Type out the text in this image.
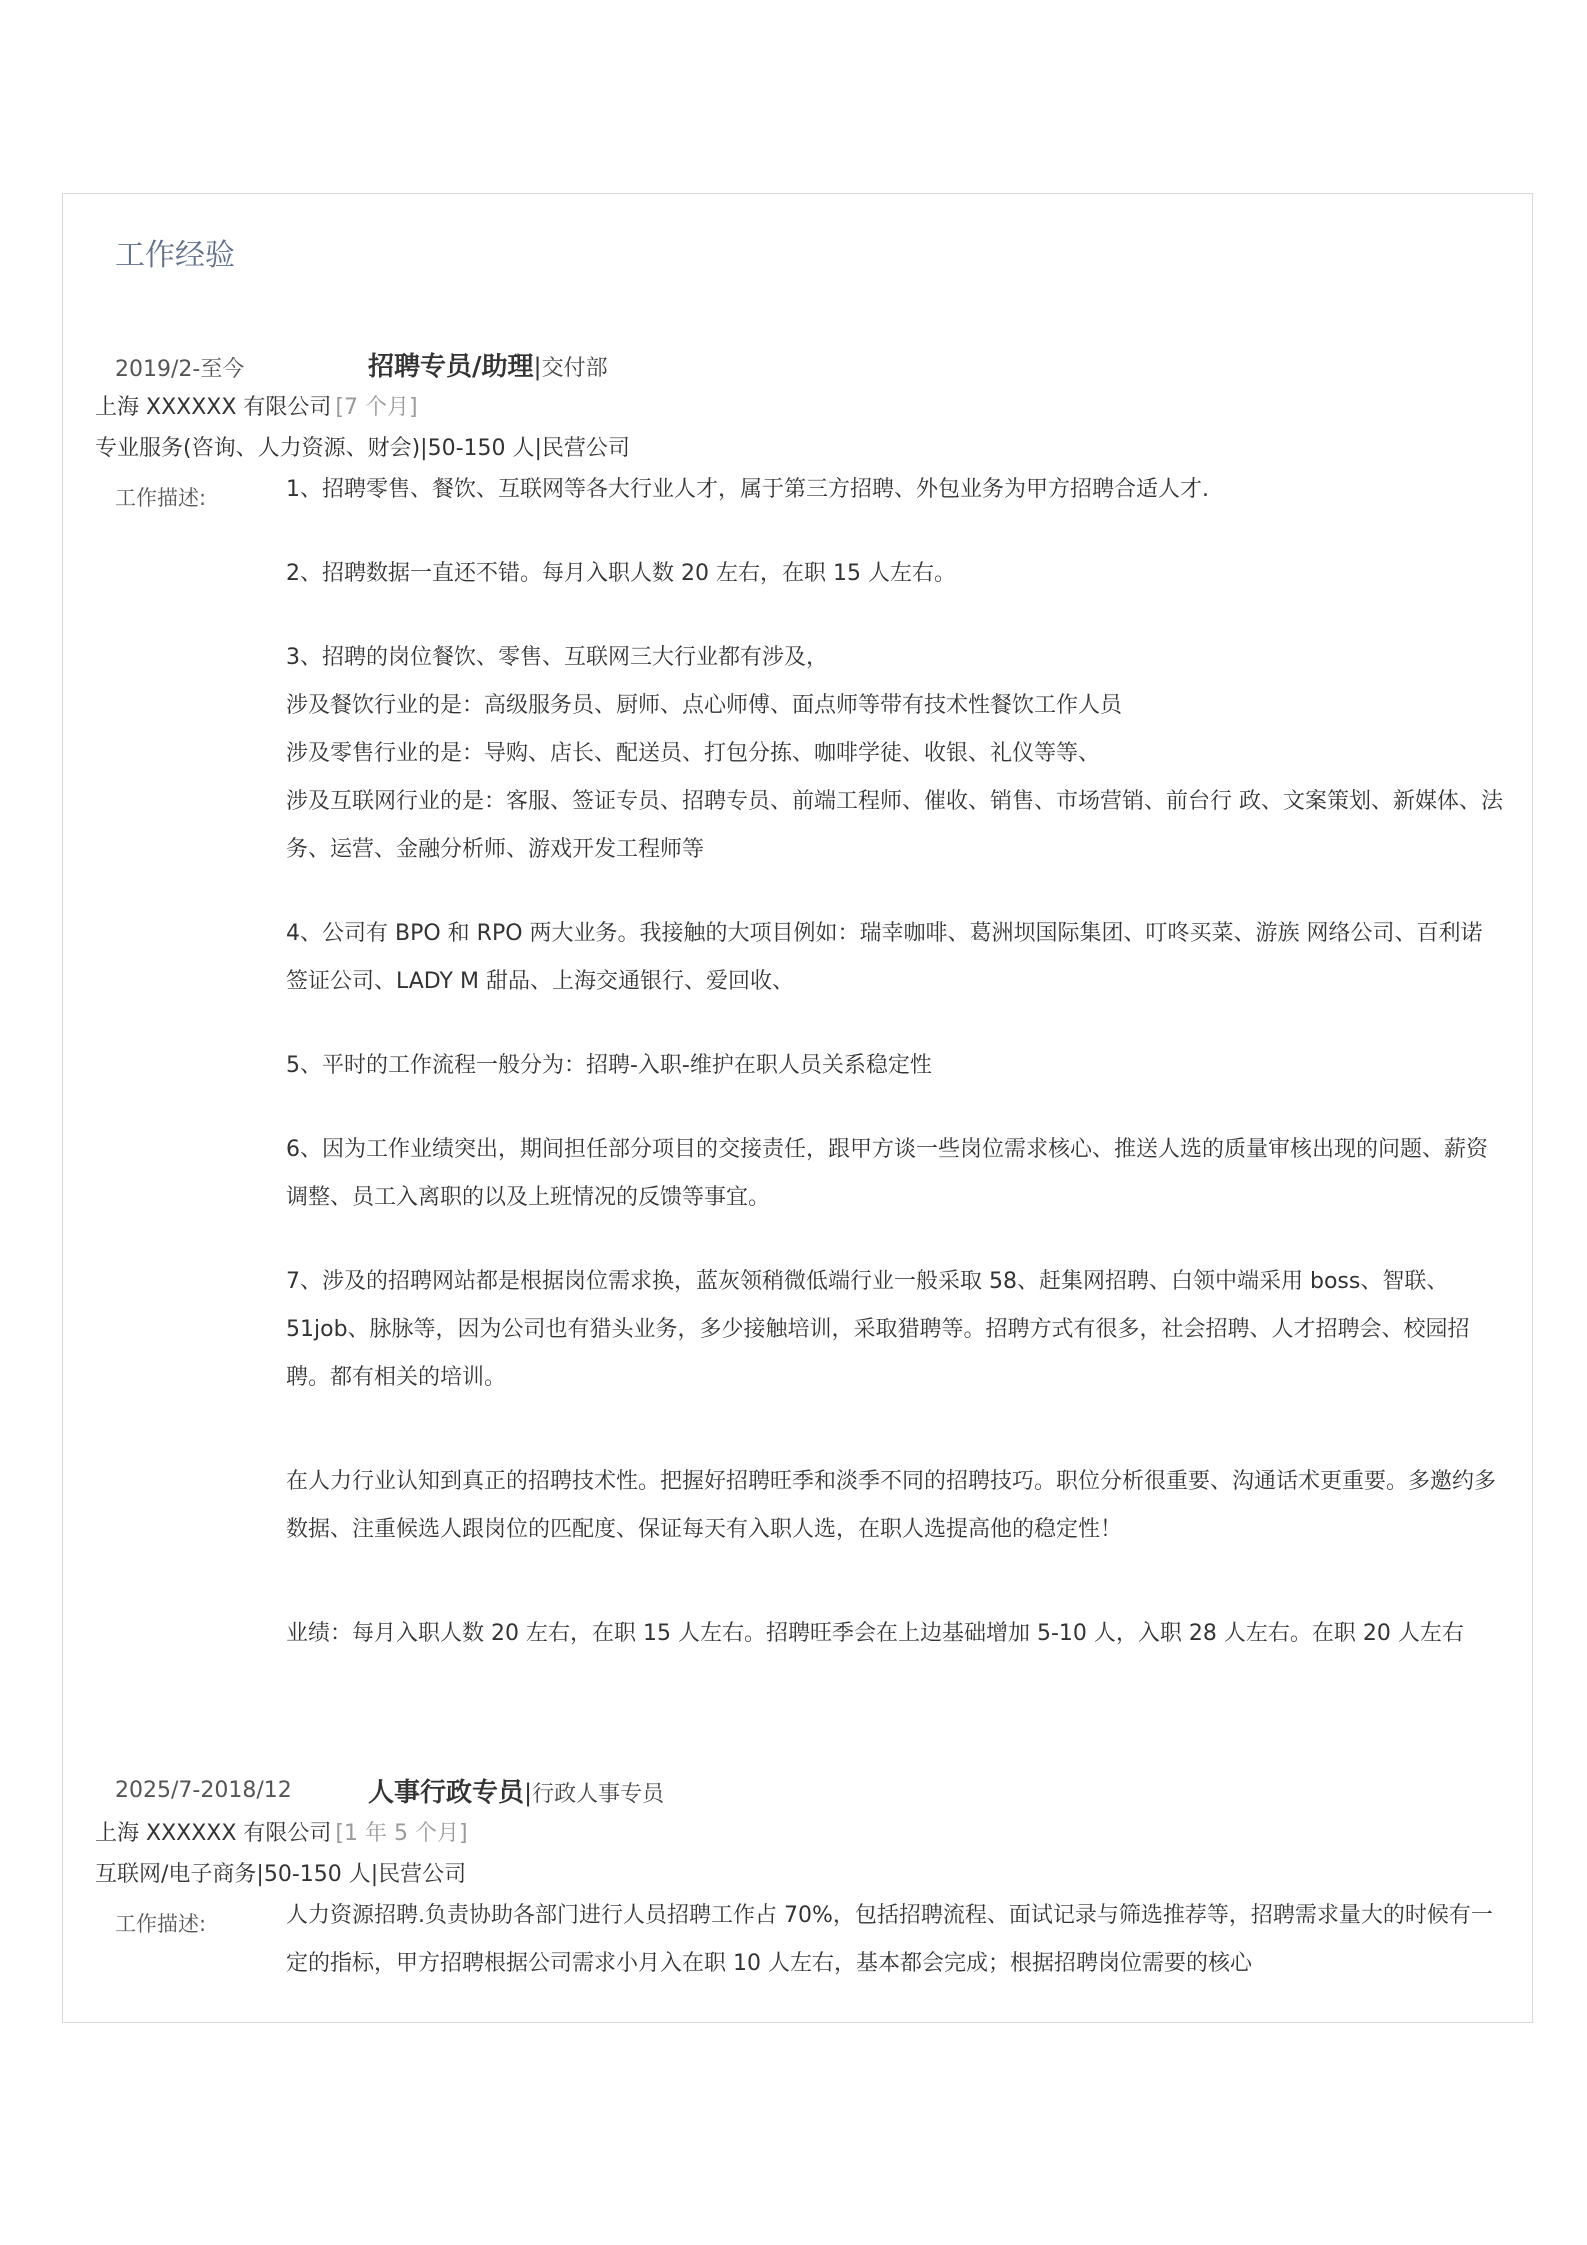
工作经验
2019/2-至今	招聘专员/助理|交付部
上海 XXXXXX 有限公司 [7 个月]
专业服务(咨询、人力资源、财会)|50-150 人|民营公司
工作描述:	1、招聘零售、餐饮、互联网等各大行业人才，属于第三方招聘、外包业务为甲方招聘合适人才.

2、招聘数据一直还不错。每月入职人数 20 左右，在职 15 人左右。

3、招聘的岗位餐饮、零售、互联网三大行业都有涉及，

涉及餐饮行业的是：高级服务员、厨师、点心师傅、面点师等带有技术性餐饮工作人员

涉及零售行业的是：导购、店长、配送员、打包分拣、咖啡学徒、收银、礼仪等等、

涉及互联网行业的是：客服、签证专员、招聘专员、前端工程师、催收、销售、市场营销、前台行 政、文案策划、新媒体、法务、运营、金融分析师、游戏开发工程师等

4、公司有 BPO 和 RPO 两大业务。我接触的大项目例如：瑞幸咖啡、葛洲坝国际集团、叮咚买菜、游族 网络公司、百利诺签证公司、LADY M 甜品、上海交通银行、爱回收、

5、平时的工作流程一般分为：招聘-入职-维护在职人员关系稳定性

6、因为工作业绩突出，期间担任部分项目的交接责任，跟甲方谈一些岗位需求核心、推送人选的质量审核出现的问题、薪资调整、员工入离职的以及上班情况的反馈等事宜。

7、涉及的招聘网站都是根据岗位需求换，蓝灰领稍微低端行业一般采取 58、赶集网招聘、白领中端采用 boss、智联、51job、脉脉等，因为公司也有猎头业务，多少接触培训，采取猎聘等。招聘方式有很多，社会招聘、人才招聘会、校园招聘。都有相关的培训。

在人力行业认知到真正的招聘技术性。把握好招聘旺季和淡季不同的招聘技巧。职位分析很重要、沟通话术更重要。多邀约多数据、注重候选人跟岗位的匹配度、保证每天有入职人选，在职人选提高他的稳定性！

业绩：每月入职人数 20 左右，在职 15 人左右。招聘旺季会在上边基础增加 5-10 人，入职 28 人左右。在职 20 人左右

2025/7-2018/12	人事行政专员|行政人事专员
上海 XXXXXX 有限公司 [1 年 5 个月]
互联网/电子商务|50-150 人|民营公司
工作描述:	人力资源招聘.负责协助各部门进行人员招聘工作占 70%，包括招聘流程、面试记录与筛选推荐等，招聘需求量大的时候有一定的指标，甲方招聘根据公司需求小月入在职 10 人左右，基本都会完成；根据招聘岗位需要的核心
